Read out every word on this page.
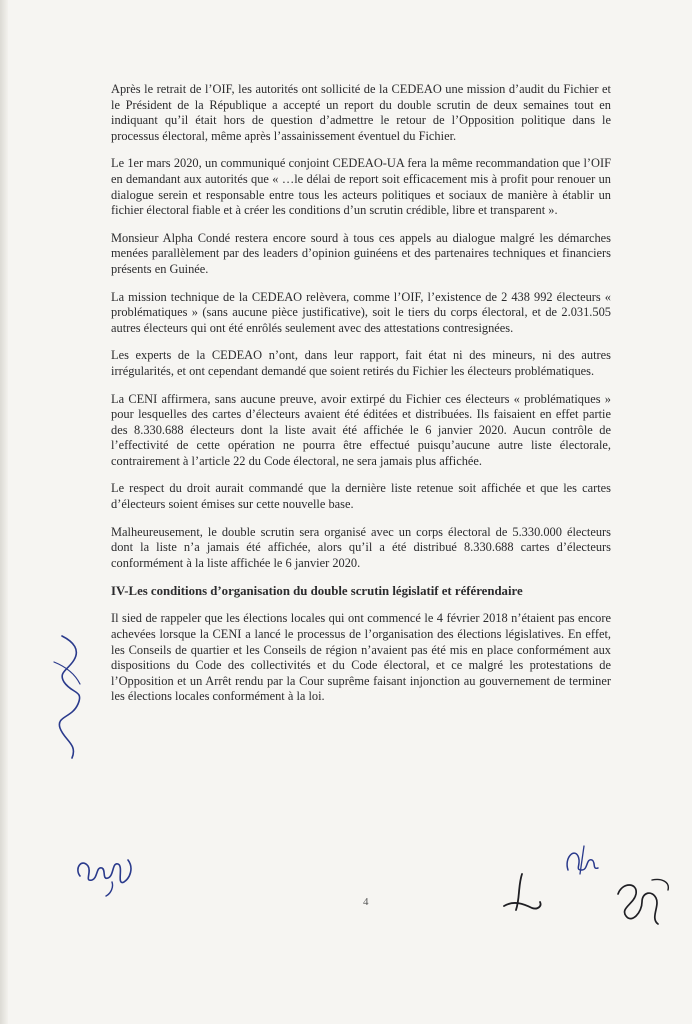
Après le retrait de l’OIF, les autorités ont sollicité de la CEDEAO une mission d’audit du Fichier et le Président de la République a accepté un report du double scrutin de deux semaines tout en indiquant qu’il était hors de question d’admettre le retour de l’Opposition politique dans le processus électoral, même après l’assainissement éventuel du Fichier.

Le 1er mars 2020, un communiqué conjoint CEDEAO-UA fera la même recommandation que l’OIF en demandant aux autorités que « …le délai de report soit efficacement mis à profit pour renouer un dialogue serein et responsable entre tous les acteurs politiques et sociaux de manière à établir un fichier électoral fiable et à créer les conditions d’un scrutin crédible, libre et transparent ».

Monsieur Alpha Condé restera encore sourd à tous ces appels au dialogue malgré les démarches menées parallèlement par des leaders d’opinion guinéens et des partenaires techniques et financiers présents en Guinée.

La mission technique de la CEDEAO relèvera, comme l’OIF, l’existence de 2 438 992 électeurs « problématiques » (sans aucune pièce justificative), soit le tiers du corps électoral, et de 2.031.505 autres électeurs qui ont été enrôlés seulement avec des attestations contresignées.

Les experts de la CEDEAO n’ont, dans leur rapport, fait état ni des mineurs, ni des autres irrégularités, et ont cependant demandé que soient retirés du Fichier les électeurs problématiques.

La CENI affirmera, sans aucune preuve, avoir extirpé du Fichier ces électeurs « problématiques » pour lesquelles des cartes d’électeurs avaient été éditées et distribuées. Ils faisaient en effet partie des 8.330.688 électeurs dont la liste avait été affichée le 6 janvier 2020. Aucun contrôle de l’effectivité de cette opération ne pourra être effectué puisqu’aucune autre liste électorale, contrairement à l’article 22 du Code électoral, ne sera jamais plus affichée.

Le respect du droit aurait commandé que la dernière liste retenue soit affichée et que les cartes d’électeurs soient émises sur cette nouvelle base.

Malheureusement, le double scrutin sera organisé avec un corps électoral de 5.330.000 électeurs dont la liste n’a jamais été affichée, alors qu’il a été distribué 8.330.688 cartes d’électeurs conformément à la liste affichée le 6 janvier 2020.

IV-Les conditions d’organisation du double scrutin législatif et référendaire

Il sied de rappeler que les élections locales qui ont commencé le 4 février 2018 n’étaient pas encore achevées lorsque la CENI a lancé le processus de l’organisation des élections législatives. En effet, les Conseils de quartier et les Conseils de région n’avaient pas été mis en place conformément aux dispositions du Code des collectivités et du Code électoral, et ce malgré les protestations de l’Opposition et un Arrêt rendu par la Cour suprême faisant injonction au gouvernement de terminer les élections locales conformément à la loi.

4
